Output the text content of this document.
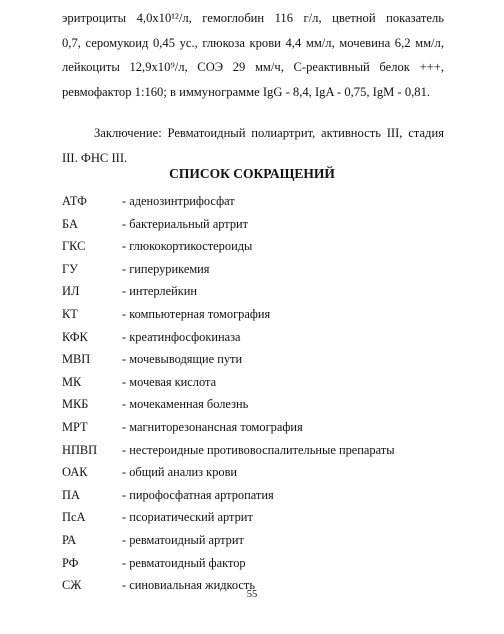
эритроциты 4,0х10¹²/л, гемоглобин 116 г/л, цветной показатель
0,7, серомукоид 0,45 ус., глюкоза крови 4,4 мм/л, мочевина 6,2 мм/л,
лейкоциты 12,9х10⁹/л, СОЭ 29 мм/ч, С-реактивный белок +++,
ревмофактор 1:160; в иммунограмме IgG - 8,4, IgA - 0,75, IgM - 0,81.
Заключение: Ревматоидный полиартрит, активность III, стадия
III. ФНС III.
СПИСОК СОКРАЩЕНИЙ
АТФ	- аденозинтрифосфат
БА	- бактериальный артрит
ГКС	- глюкокортикостероиды
ГУ	- гиперурикемия
ИЛ	- интерлейкин
КТ	- компьютерная томография
КФК	- креатинфосфокиназа
МВП	- мочевыводящие пути
МК	- мочевая кислота
МКБ	- мочекаменная болезнь
МРТ	- магниторезонансная томография
НПВП - нестероидные противовоспалительные препараты
ОАК	- общий анализ крови
ПА	- пирофосфатная артропатия
ПсА	- псориатический артрит
РА	- ревматоидный артрит
РФ	- ревматоидный фактор
СЖ	- синовиальная жидкость
55
